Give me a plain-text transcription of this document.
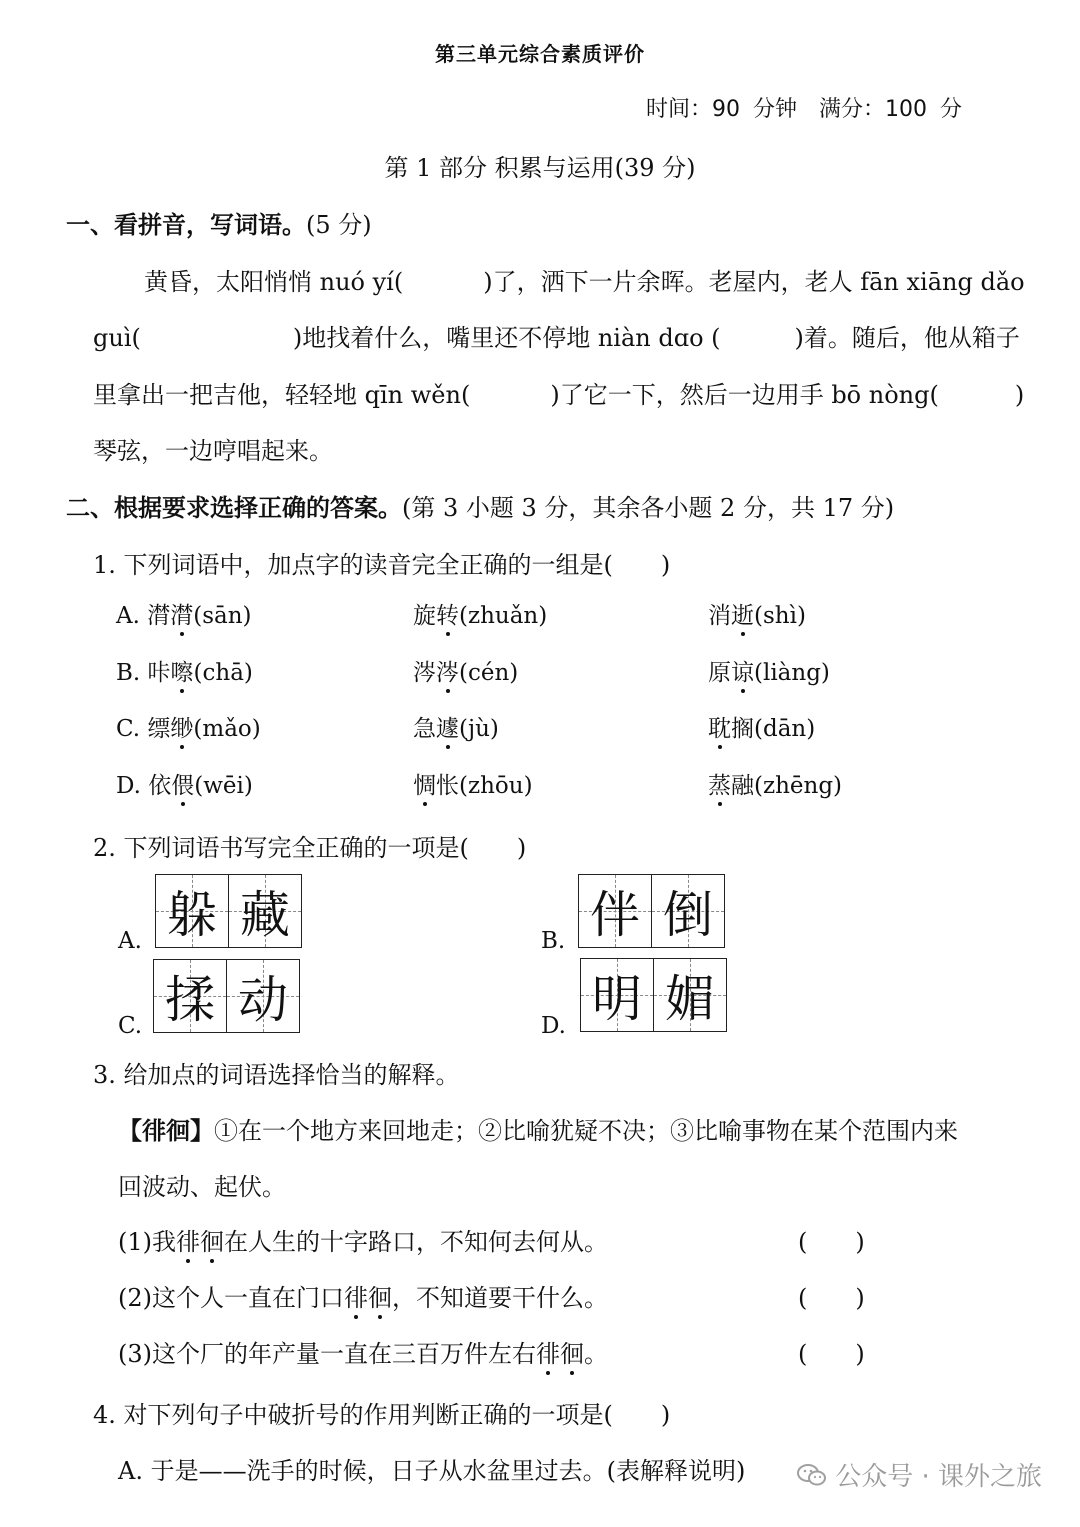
第三单元综合素质评价
时间：90 分钟　满分：100 分
第 1 部分 积累与运用(39 分)
一、看拼音，写词语。(5 分)
黄昏，太阳悄悄 nuó yí(	)了，洒下一片余晖。老屋内，老人 fān xiāng dǎo
guì(	)地找着什么，嘴里还不停地 niàn dɑo (	)着。随后，他从箱子
里拿出一把吉他，轻轻地 qīn wěn(	)了它一下，然后一边用手 bō nòng(	)
琴弦，一边哼唱起来。
二、根据要求选择正确的答案。(第 3 小题 3 分，其余各小题 2 分，共 17 分)
1. 下列词语中，加点字的读音完全正确的一组是(　　)
A. 潸潸(sān)	旋转(zhuǎn)	消逝(shì)
B. 咔嚓(chā)	涔涔(cén)	原谅(liàng)
C. 缥缈(mǎo)	急遽(jù)	耽搁(dān)
D. 依偎(wēi)	惆怅(zhōu)	蒸融(zhēng)
2. 下列词语书写完全正确的一项是(　　)
A. 躲 藏	B. 伴 倒
C. 揉 动	D. 明 媚
3. 给加点的词语选择恰当的解释。
【徘徊】①在一个地方来回地走；②比喻犹疑不决；③比喻事物在某个范围内来
回波动、起伏。
(1)我徘徊在人生的十字路口，不知何去何从。	(　　)
(2)这个人一直在门口徘徊，不知道要干什么。	(　　)
(3)这个厂的年产量一直在三百万件左右徘徊。	(　　)
4. 对下列句子中破折号的作用判断正确的一项是(　　)
A. 于是——洗手的时候，日子从水盆里过去。(表解释说明)	公众号 · 课外之旅
